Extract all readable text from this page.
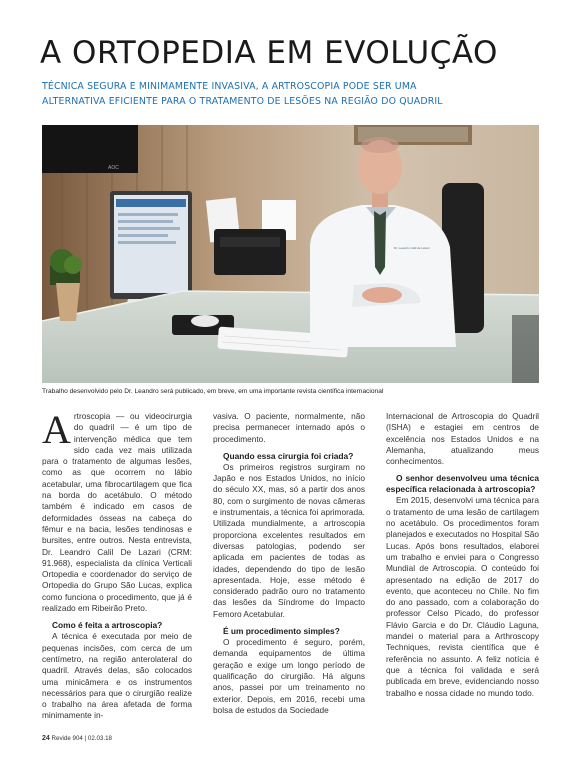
A ORTOPEDIA EM EVOLUÇÃO
TÉCNICA SEGURA E MINIMAMENTE INVASIVA, A ARTROSCOPIA PODE SER UMA
ALTERNATIVA EFICIENTE PARA O TRATAMENTO DE LESÕES NA REGIÃO DO QUADRIL
AOC
Dr. Leandro Calil de Lazari
Trabalho desenvolvido pelo Dr. Leandro será publicado, em breve, em uma importante revista científica internacional

A rtroscopia — ou videocirurgia do quadril — é um tipo de intervenção médica que tem sido cada vez mais utilizada para o tratamento de algumas lesões, como as que ocorrem no lábio acetabular, uma fibrocartilagem que fica na borda do acetábulo. O método também é indicado em casos de deformidades ósseas na cabeça do fêmur e na bacia, lesões tendinosas e bursites, entre outros. Nesta entrevista, Dr. Leandro Calil De Lazari (CRM: 91.968), especialista da clínica Verticali Ortopedia e coordenador do serviço de Ortopedia do Grupo São Lucas, explica como funciona o procedimento, que já é realizado em Ribeirão Preto.

Como é feita a artroscopia?

A técnica é executada por meio de pequenas incisões, com cerca de um centímetro, na região anterolateral do quadril. Através delas, são colocados uma minicâmera e os instrumentos necessários para que o cirurgião realize o trabalho na área afetada de forma minimamente in-

vasiva. O paciente, normalmente, não precisa permanecer internado após o procedimento.

Quando essa cirurgia foi criada?

Os primeiros registros surgiram no Japão e nos Estados Unidos, no início do século XX, mas, só a partir dos anos 80, com o surgimento de novas câmeras e instrumentais, a técnica foi aprimorada. Utilizada mundialmente, a artroscopia proporciona excelentes resultados em diversas patologias, podendo ser aplicada em pacientes de todas as idades, dependendo do tipo de lesão apresentada. Hoje, esse método é considerado padrão ouro no tratamento das lesões da Síndrome do Impacto Femoro Acetabular.

É um procedimento simples?

O procedimento é seguro, porém, demanda equipamentos de última geração e exige um longo período de qualificação do cirurgião. Há alguns anos, passei por um treinamento no exterior. Depois, em 2016, recebi uma bolsa de estudos da Sociedade

Internacional de Artroscopia do Quadril (ISHA) e estagiei em centros de excelência nos Estados Unidos e na Alemanha, atualizando meus conhecimentos.

O senhor desenvolveu uma técnica específica relacionada à artroscopia?

Em 2015, desenvolvi uma técnica para o tratamento de uma lesão de cartilagem no acetábulo. Os procedimentos foram planejados e executados no Hospital São Lucas. Após bons resultados, elaborei um trabalho e enviei para o Congresso Mundial de Artroscopia. O conteúdo foi apresentado na edição de 2017 do evento, que aconteceu no Chile. No fim do ano passado, com a colaboração do professor Celso Picado, do professor Flávio Garcia e do Dr. Cláudio Laguna, mandei o material para a Arthroscopy Techniques, revista científica que é referência no assunto. A feliz notícia é que a técnica foi validada e será publicada em breve, evidenciando nosso trabalho e nossa cidade no mundo todo.

24 Revide 904 | 02.03.18
